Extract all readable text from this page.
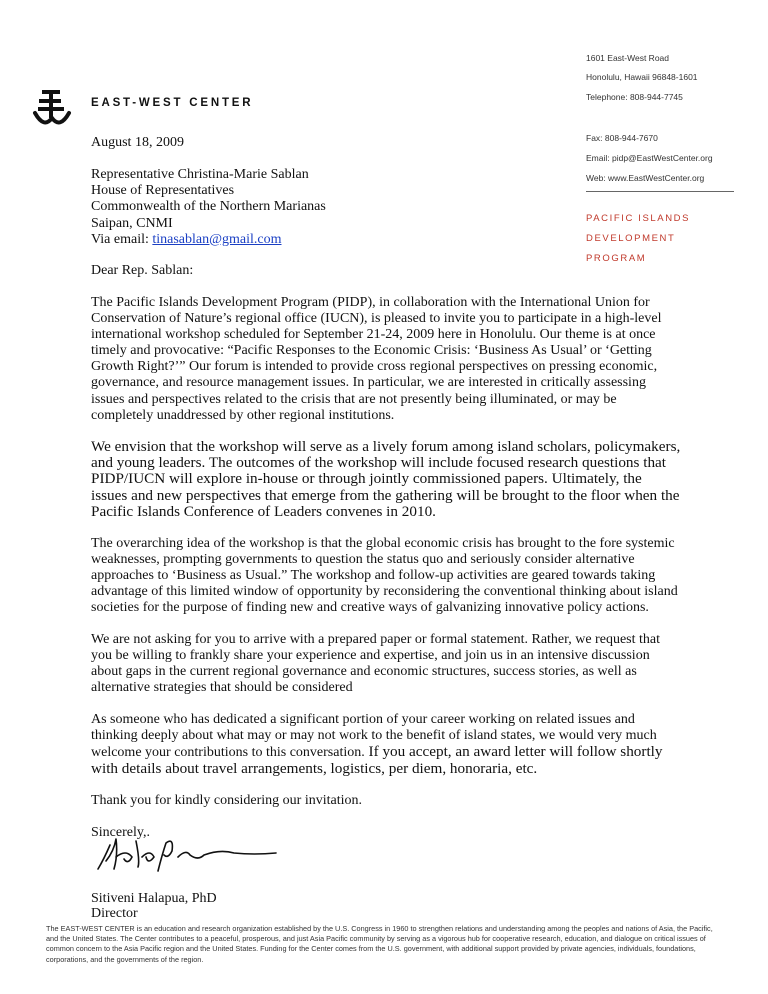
EAST-WEST CENTER
1601 East-West Road
Honolulu, Hawaii 96848-1601
Telephone: 808-944-7745
Fax: 808-944-7670
Email: pidp@EastWestCenter.org
Web: www.EastWestCenter.org
PACIFIC ISLANDS
DEVELOPMENT
PROGRAM
August 18, 2009
Representative Christina-Marie Sablan
House of Representatives
Commonwealth of the Northern Marianas
Saipan, CNMI
Via email: tinasablan@gmail.com
Dear Rep. Sablan:

The Pacific Islands Development Program (PIDP), in collaboration with the International Union for Conservation of Nature’s regional office (IUCN), is pleased to invite you to participate in a high-level international workshop scheduled for September 21-24, 2009 here in Honolulu. Our theme is at once timely and provocative: “Pacific Responses to the Economic Crisis: ‘Business As Usual’ or ‘Getting Growth Right?’” Our forum is intended to provide cross regional perspectives on pressing economic, governance, and resource management issues. In particular, we are interested in critically assessing issues and perspectives related to the crisis that are not presently being illuminated, or may be completely unaddressed by other regional institutions.

We envision that the workshop will serve as a lively forum among island scholars, policymakers, and young leaders. The outcomes of the workshop will include focused research questions that PIDP/IUCN will explore in-house or through jointly commissioned papers. Ultimately, the issues and new perspectives that emerge from the gathering will be brought to the floor when the Pacific Islands Conference of Leaders convenes in 2010.

The overarching idea of the workshop is that the global economic crisis has brought to the fore systemic weaknesses, prompting governments to question the status quo and seriously consider alternative approaches to ‘Business as Usual.” The workshop and follow-up activities are geared towards taking advantage of this limited window of opportunity by reconsidering the conventional thinking about island societies for the purpose of finding new and creative ways of galvanizing innovative policy actions.

We are not asking for you to arrive with a prepared paper or formal statement. Rather, we request that you be willing to frankly share your experience and expertise, and join us in an intensive discussion about gaps in the current regional governance and economic structures, success stories, as well as alternative strategies that should be considered

As someone who has dedicated a significant portion of your career working on related issues and thinking deeply about what may or may not work to the benefit of island states, we would very much welcome your contributions to this conversation. If you accept, an award letter will follow shortly with details about travel arrangements, logistics, per diem, honoraria, etc.

Thank you for kindly considering our invitation.
Sincerely,.
Sitiveni Halapua, PhD
Director

The EAST-WEST CENTER is an education and research organization established by the U.S. Congress in 1960 to strengthen relations and understanding among the peoples and nations of Asia, the Pacific, and the United States. The Center contributes to a peaceful, prosperous, and just Asia Pacific community by serving as a vigorous hub for cooperative research, education, and dialogue on critical issues of common concern to the Asia Pacific region and the United States. Funding for the Center comes from the U.S. government, with additional support provided by private agencies, individuals, foundations, corporations, and the governments of the region.
